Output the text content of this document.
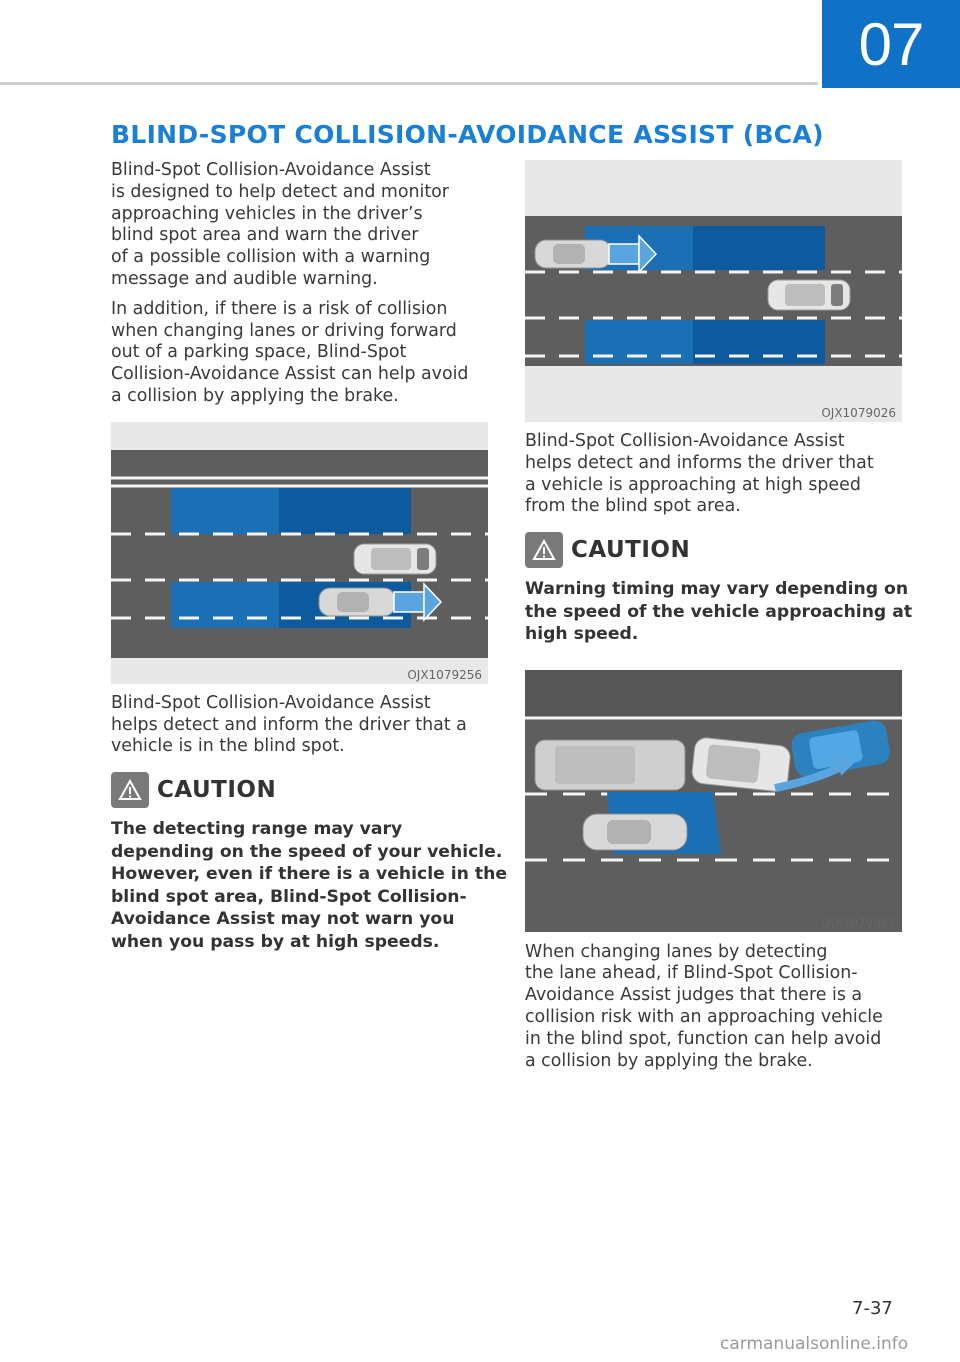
07
BLIND-SPOT COLLISION-AVOIDANCE ASSIST (BCA)
Blind-Spot Collision-Avoidance Assist
is designed to help detect and monitor
approaching vehicles in the driver’s
blind spot area and warn the driver
of a possible collision with a warning
message and audible warning.
In addition, if there is a risk of collision
when changing lanes or driving forward
out of a parking space, Blind-Spot
Collision-Avoidance Assist can help avoid
a collision by applying the brake.
OJX1079256
Blind-Spot Collision-Avoidance Assist
helps detect and inform the driver that a
vehicle is in the blind spot.
CAUTION
The detecting range may vary
depending on the speed of your vehicle.
However, even if there is a vehicle in the
blind spot area, Blind-Spot Collision-
Avoidance Assist may not warn you
when you pass by at high speeds.
OJX1079026
Blind-Spot Collision-Avoidance Assist
helps detect and informs the driver that
a vehicle is approaching at high speed
from the blind spot area.
CAUTION
Warning timing may vary depending on
the speed of the vehicle approaching at
high speed.
OJX1079027
When changing lanes by detecting
the lane ahead, if Blind-Spot Collision-
Avoidance Assist judges that there is a
collision risk with an approaching vehicle
in the blind spot, function can help avoid
a collision by applying the brake.
7-37
carmanualsonline.info
